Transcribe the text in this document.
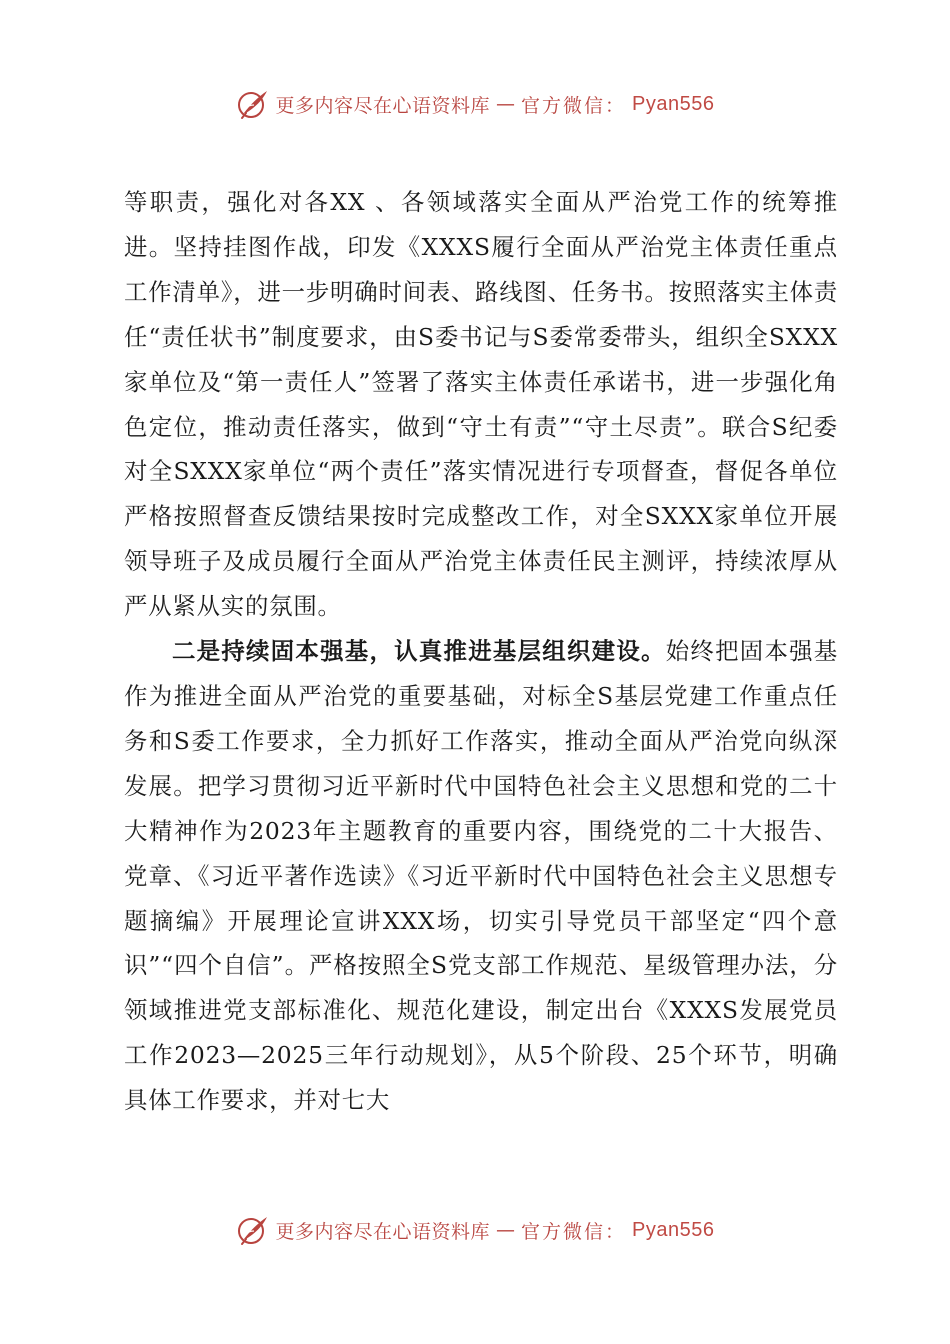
更多内容尽在心语资料库 — 官方微信： Pyan556

等职责，强化对各XX 、各领域落实全面从严治党工作的统筹推进。坚持挂图作战，印发《XXXS履行全面从严治党主体责任重点工作清单》，进一步明确时间表、路线图、任务书。按照落实主体责任“责任状书”制度要求，由S委书记与S委常委带头，组织全SXXX家单位及“第一责任人”签署了落实主体责任承诺书，进一步强化角色定位，推动责任落实，做到“守土有责”“守土尽责”。联合S纪委对全SXXX家单位“两个责任”落实情况进行专项督查，督促各单位严格按照督查反馈结果按时完成整改工作，对全SXXX家单位开展领导班子及成员履行全面从严治党主体责任民主测评，持续浓厚从严从紧从实的氛围。

二是持续固本强基，认真推进基层组织建设。始终把固本强基作为推进全面从严治党的重要基础，对标全S基层党建工作重点任务和S委工作要求，全力抓好工作落实，推动全面从严治党向纵深发展。把学习贯彻习近平新时代中国特色社会主义思想和党的二十大精神作为2023年主题教育的重要内容，围绕党的二十大报告、党章、《习近平著作选读》《习近平新时代中国特色社会主义思想专题摘编》开展理论宣讲XXX场，切实引导党员干部坚定“四个意识”“四个自信”。严格按照全S党支部工作规范、星级管理办法，分领域推进党支部标准化、规范化建设，制定出台《XXXS发展党员工作2023—2025三年行动规划》，从5个阶段、25个环节，明确具体工作要求，并对七大

更多内容尽在心语资料库 — 官方微信： Pyan556
